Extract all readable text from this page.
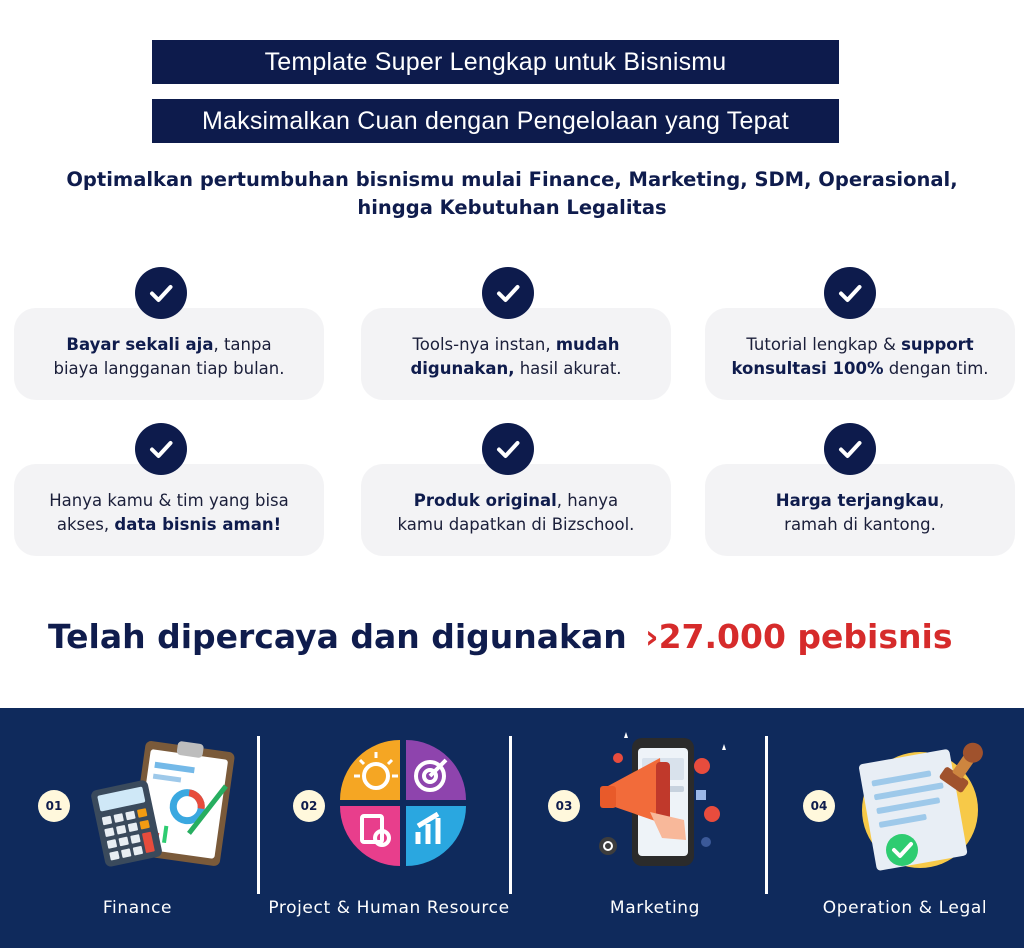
Template Super Lengkap untuk Bisnismu
Maksimalkan Cuan dengan Pengelolaan yang Tepat
Optimalkan pertumbuhan bisnismu mulai Finance, Marketing, SDM, Operasional,
hingga Kebutuhan Legalitas
Bayar sekali aja, tanpa
biaya langganan tiap bulan.
Tools-nya instan, mudah
digunakan, hasil akurat.
Tutorial lengkap & support
konsultasi 100% dengan tim.
Hanya kamu & tim yang bisa
akses, data bisnis aman!
Produk original, hanya
kamu dapatkan di Bizschool.
Harga terjangkau,
ramah di kantong.
Telah dipercaya dan digunakan ›27.000 pebisnis
01
Finance
02
Project & Human Resource
03
Marketing
04
Operation & Legal
